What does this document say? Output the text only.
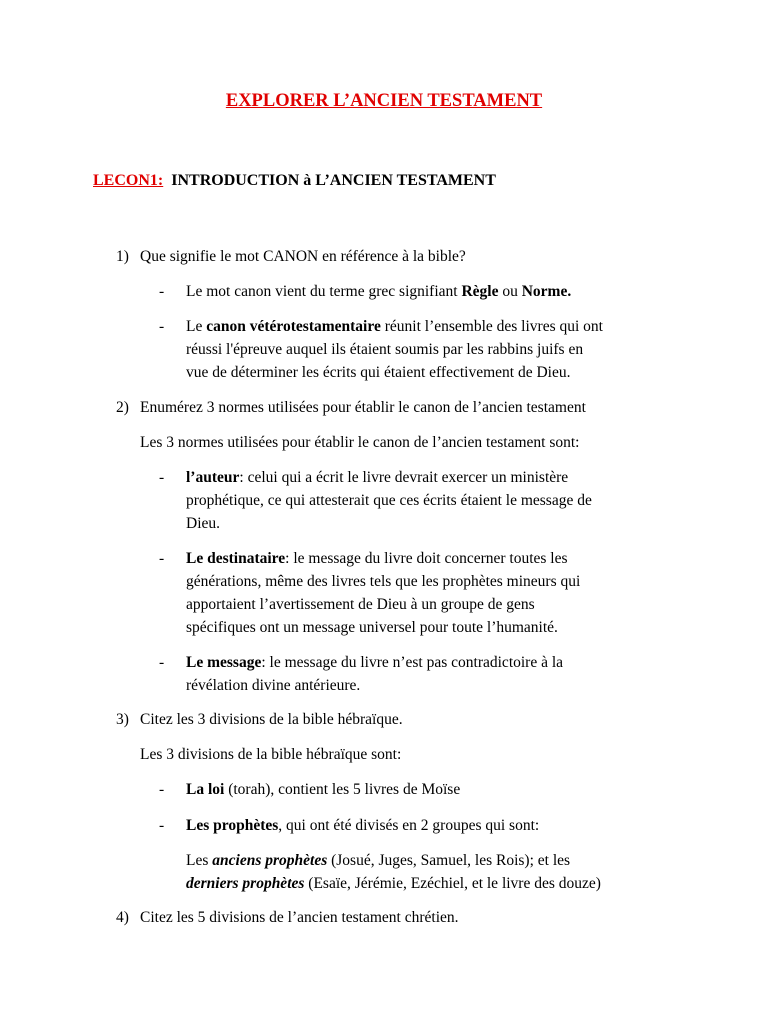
EXPLORER L’ANCIEN TESTAMENT
LECON1: INTRODUCTION à L’ANCIEN TESTAMENT
1) Que signifie le mot CANON en référence à la bible?
- Le mot canon vient du terme grec signifiant Règle ou Norme.
- Le canon vétérotestamentaire réunit l’ensemble des livres qui ont
réussi l'épreuve auquel ils étaient soumis par les rabbins juifs en
vue de déterminer les écrits qui étaient effectivement de Dieu.
2) Enumérez 3 normes utilisées pour établir le canon de l’ancien testament
Les 3 normes utilisées pour établir le canon de l’ancien testament sont:
- l’auteur: celui qui a écrit le livre devrait exercer un ministère
prophétique, ce qui attesterait que ces écrits étaient le message de
Dieu.
- Le destinataire: le message du livre doit concerner toutes les
générations, même des livres tels que les prophètes mineurs qui
apportaient l’avertissement de Dieu à un groupe de gens
spécifiques ont un message universel pour toute l’humanité.
- Le message: le message du livre n’est pas contradictoire à la
révélation divine antérieure.
3) Citez les 3 divisions de la bible hébraïque.
Les 3 divisions de la bible hébraïque sont:
- La loi (torah), contient les 5 livres de Moïse
- Les prophètes, qui ont été divisés en 2 groupes qui sont:
Les anciens prophètes (Josué, Juges, Samuel, les Rois); et les
derniers prophètes (Esaïe, Jérémie, Ezéchiel, et le livre des douze)
4) Citez les 5 divisions de l’ancien testament chrétien.
